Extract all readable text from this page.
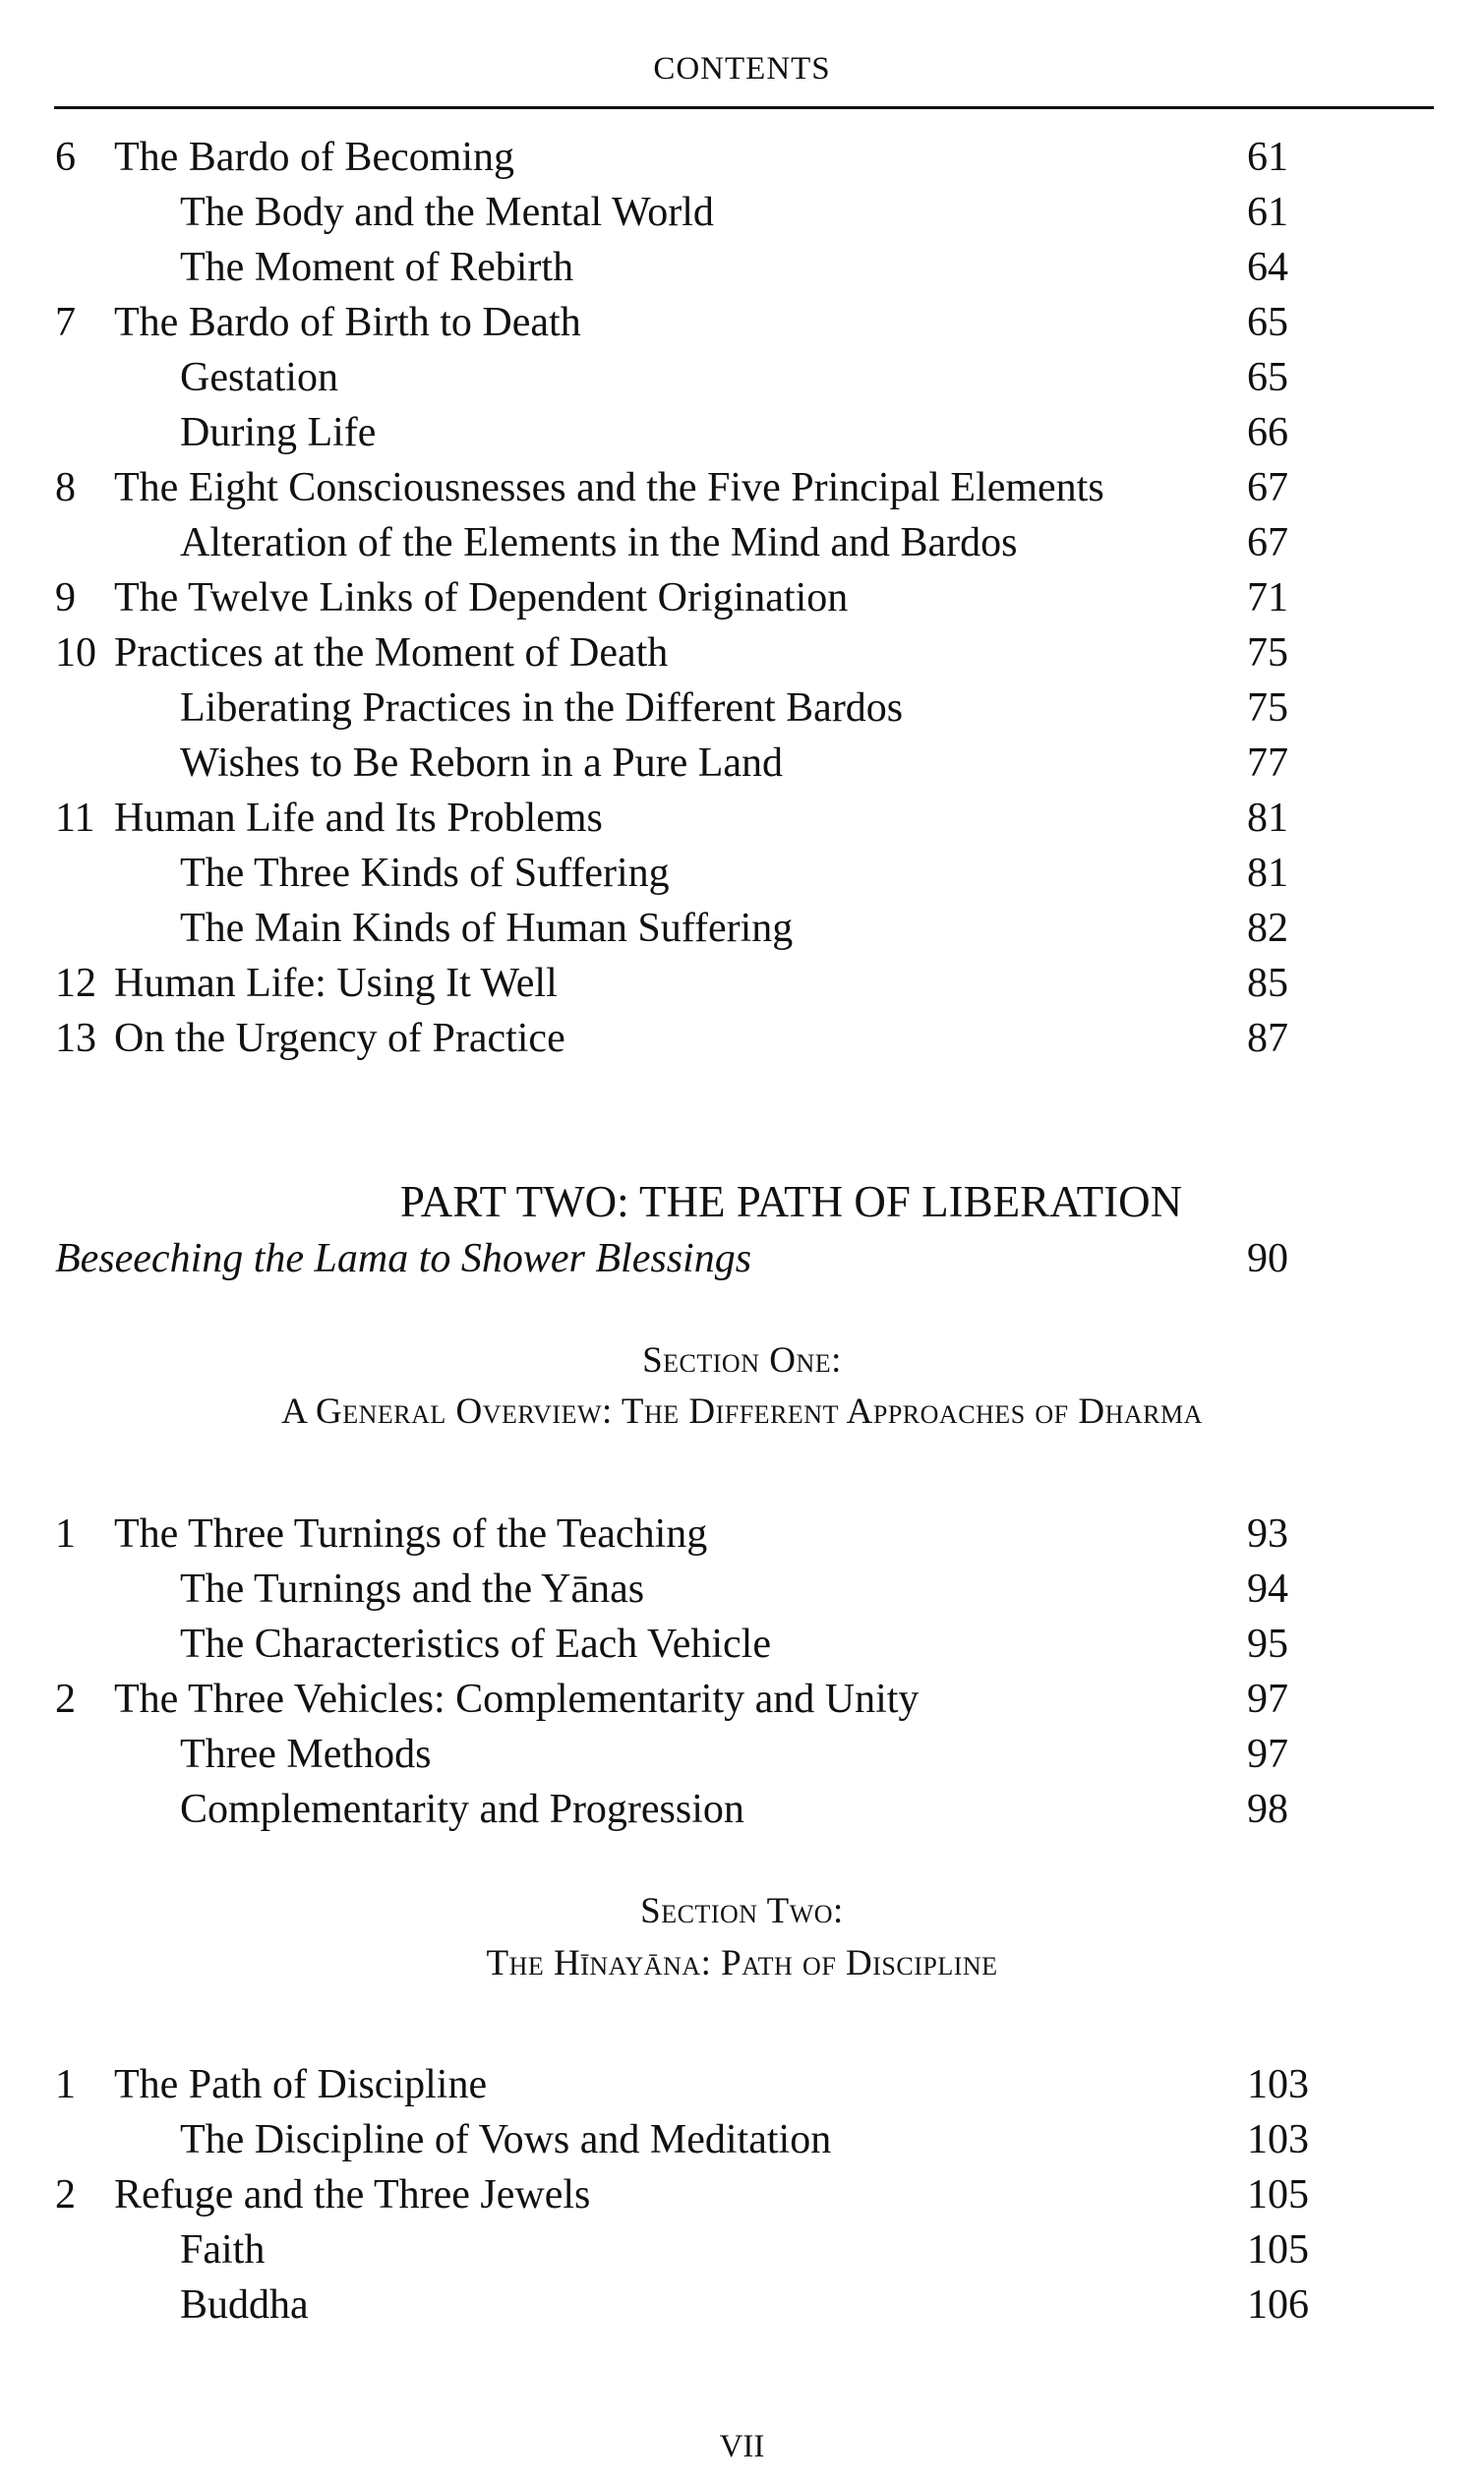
CONTENTS
6 The Bardo of Becoming	61
The Body and the Mental World	61
The Moment of Rebirth	64
7 The Bardo of Birth to Death	65
Gestation	65
During Life	66
8 The Eight Consciousnesses and the Five Principal Elements	67
Alteration of the Elements in the Mind and Bardos	67
9 The Twelve Links of Dependent Origination	71
10 Practices at the Moment of Death	75
Liberating Practices in the Different Bardos	75
Wishes to Be Reborn in a Pure Land	77
11 Human Life and Its Problems	81
The Three Kinds of Suffering	81
The Main Kinds of Human Suffering	82
12 Human Life: Using It Well	85
13 On the Urgency of Practice	87
PART TWO: THE PATH OF LIBERATION
Beseeching the Lama to Shower Blessings	90
Section One:
A General Overview: The Different Approaches of Dharma
1 The Three Turnings of the Teaching	93
The Turnings and the Yānas	94
The Characteristics of Each Vehicle	95
2 The Three Vehicles: Complementarity and Unity	97
Three Methods	97
Complementarity and Progression	98
Section Two:
The Hīnayāna: Path of Discipline
1 The Path of Discipline	103
The Discipline of Vows and Meditation	103
2 Refuge and the Three Jewels	105
Faith	105
Buddha	106
VII
